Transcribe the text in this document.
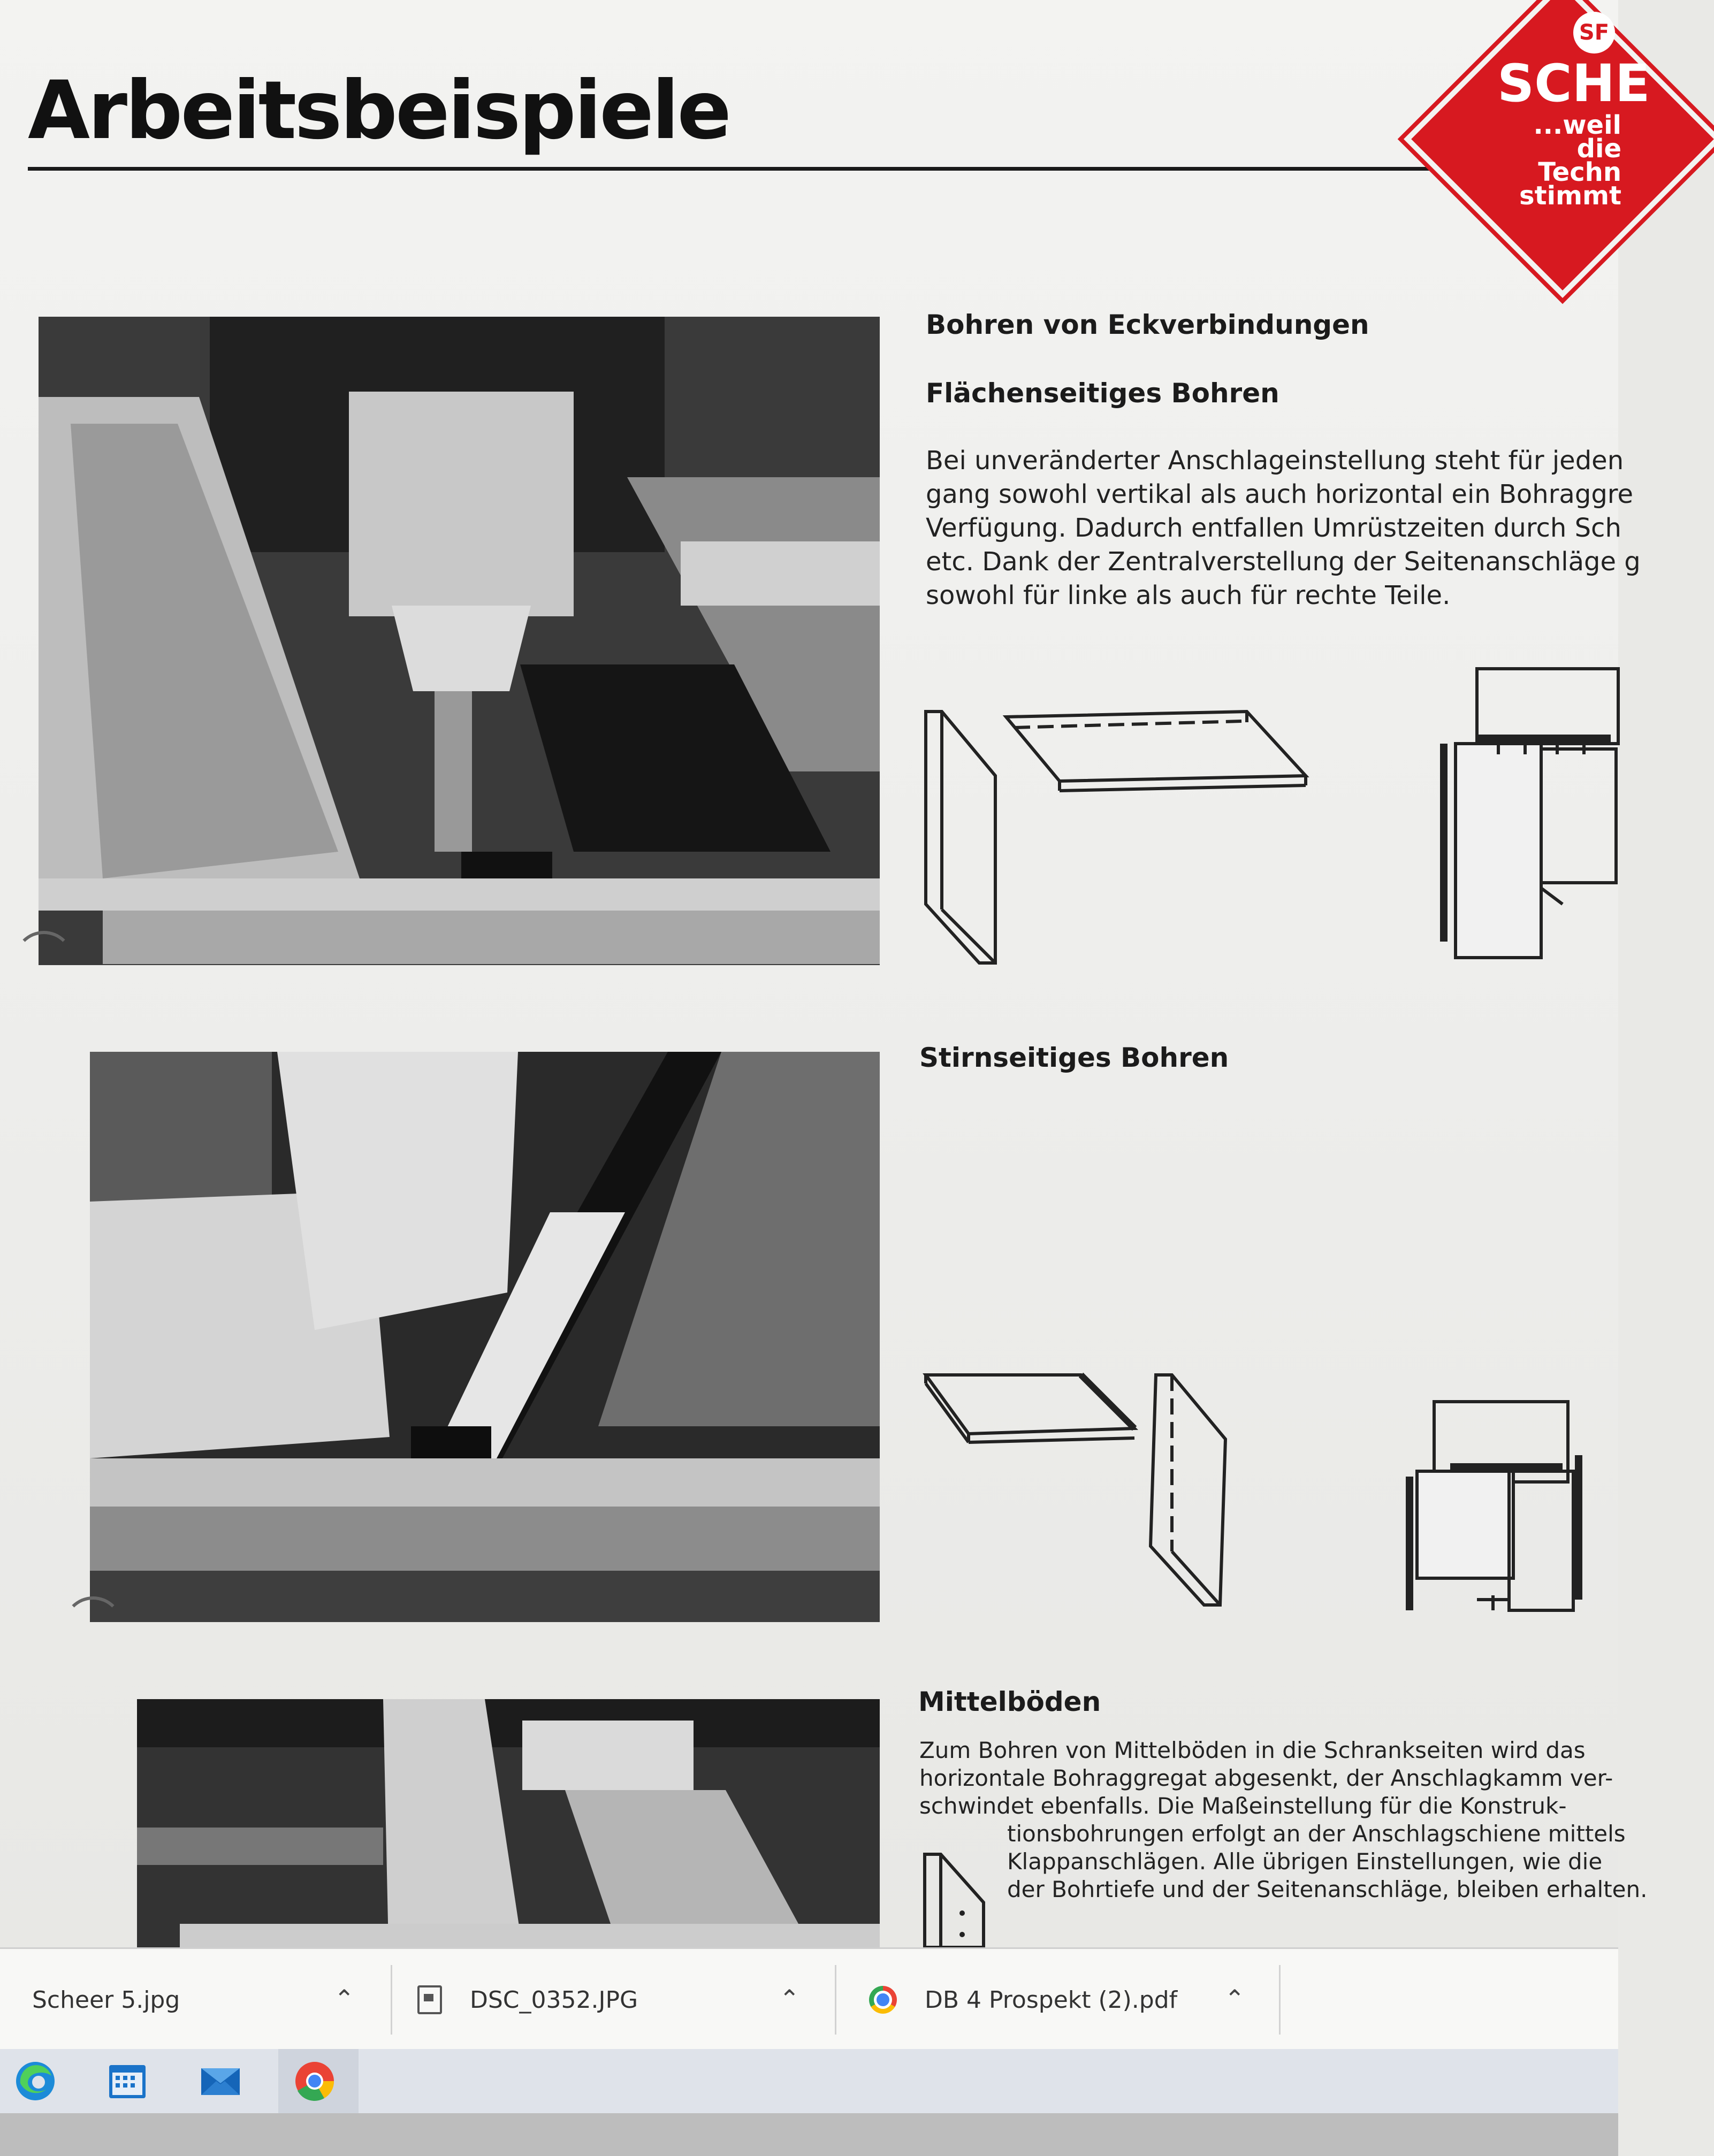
Arbeitsbeispiele
SF
SCHE
...weil die Techn stimmt
Bohren von Eckverbindungen
Flächenseitiges Bohren
Bei unveränderter Anschlageinstellung steht für jeden
gang sowohl vertikal als auch horizontal ein Bohraggre
Verfügung. Dadurch entfallen Umrüstzeiten durch Sch
etc. Dank der Zentralverstellung der Seitenanschläge g
sowohl für linke als auch für rechte Teile.
Stirnseitiges Bohren
Mittelböden
Zum Bohren von Mittelböden in die Schrankseiten wird das
horizontale Bohraggregat abgesenkt, der Anschlagkamm ver-
schwindet ebenfalls. Die Maßeinstellung für die Konstruk-
tionsbohrungen erfolgt an der Anschlagschiene mittels
Klappanschlägen. Alle übrigen Einstellungen, wie die
der Bohrtiefe und der Seitenanschläge, bleiben erhalten.
Scheer 5.jpg	⌃	DSC_0352.JPG	⌃	DB 4 Prospekt (2).pdf ⌃
